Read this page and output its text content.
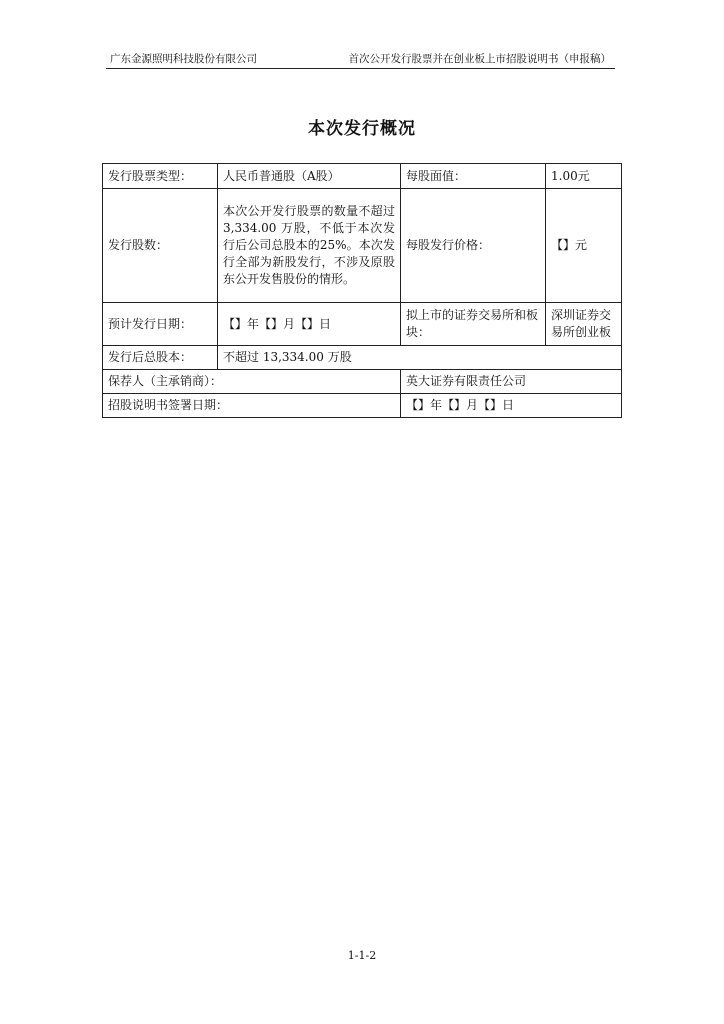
广东金源照明科技股份有限公司	首次公开发行股票并在创业板上市招股说明书（申报稿）
本次发行概况
发行股票类型：	人民币普通股（A股）	每股面值：	1.00元
发行股数：	本次公开发行股票的数量不超过 3,334.00 万股，不低于本次发行后公司总股本的25%。本次发行全部为新股发行，不涉及原股东公开发售股份的情形。	每股发行价格：	【】元
预计发行日期：	【】年【】月【】日	拟上市的证券交易所和板块：	深圳证券交易所创业板
发行后总股本：	不超过 13,334.00 万股		
保荐人（主承销商）：		英大证券有限责任公司	
招股说明书签署日期：		【】年【】月【】日	
1-1-2
